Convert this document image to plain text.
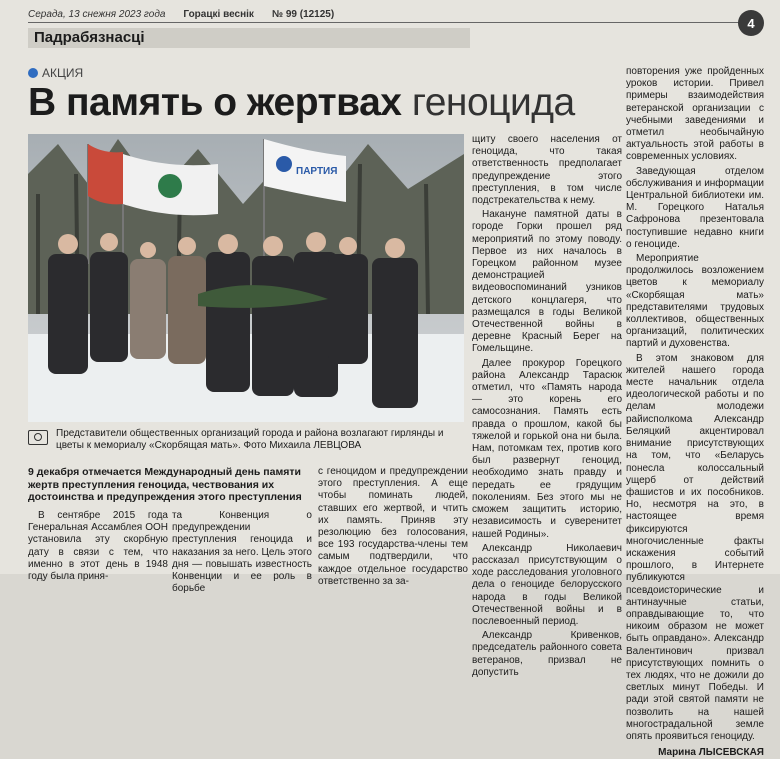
Серада, 13 снежня 2023 года Горацкі веснік № 99 (12125)
4
Падрабязнасці
АКЦИЯ
В память о жертвах геноцида
ПАРТИЯ
Представители общественных организаций города и района возлагают гирлянды и цветы к мемориалу «Скорбящая мать». Фото Михаила ЛЕВЦОВА
9 декабря отмечается Международный день памяти жертв преступления геноцида, чествования их достоинства и предупреждения этого преступления

В сентябре 2015 года Генеральная Ассамблея ООН установила эту скорбную дату в связи с тем, что именно в этот день в 1948 году была приня-

та Конвенция о предупреждении преступления геноцида и наказания за него. Цель этого дня — повышать известность Конвенции и ее роль в борьбе

с геноцидом и предупреждении этого преступления. А еще чтобы поминать людей, ставших его жертвой, и чтить их память. Приняв эту резолюцию без голосования, все 193 государства-члены тем самым подтвердили, что каждое отдельное государство ответственно за за-

щиту своего населения от геноцида, что такая ответственность предполагает предупреждение этого преступления, в том числе подстрекательства к нему.

Накануне памятной даты в городе Горки прошел ряд мероприятий по этому поводу. Первое из них началось в Горецком районном музее демонстрацией видеовоспоминаний узников детского концлагеря, что размещался в годы Великой Отечественной войны в деревне Красный Берег на Гомельщине.

Далее прокурор Горецкого района Александр Тарасюк отметил, что «Память народа — это корень его самосознания. Память есть правда о прошлом, какой бы тяжелой и горькой она ни была. Нам, потомкам тех, против кого был развернут геноцид, необходимо знать правду и передать ее грядущим поколениям. Без этого мы не сможем защитить историю, независимость и суверенитет нашей Родины».

Александр Николаевич рассказал присутствующим о ходе расследования уголовного дела о геноциде белорусского народа в годы Великой Отечественной войны и в послевоенный период.

Александр Кривенков, председатель районного совета ветеранов, призвал не допустить

повторения уже пройденных уроков истории. Привел примеры взаимодействия ветеранской организации с учебными заведениями и отметил необычайную актуальность этой работы в современных условиях.

Заведующая отделом обслуживания и информации Центральной библиотеки им. М. Горецкого Наталья Сафронова презентовала поступившие недавно книги о геноциде.

Мероприятие продолжилось возложением цветов к мемориалу «Скорбящая мать» представителями трудовых коллективов, общественных организаций, политических партий и духовенства.

В этом знаковом для жителей нашего города месте начальник отдела идеологической работы и по делам молодежи райисполкома Александр Беляцкий акцентировал внимание присутствующих на том, что «Беларусь понесла колоссальный ущерб от действий фашистов и их пособников. Но, несмотря на это, в настоящее время фиксируются многочисленные факты искажения событий прошлого, в Интернете публикуются псевдоисторические и антинаучные статьи, оправдывающие то, что никоим образом не может быть оправдано». Александр Валентинович призвал присутствующих помнить о тех людях, что не дожили до светлых минут Победы. И ради этой святой памяти не позволить на нашей многострадальной земле опять проявиться геноциду.

Марина ЛЫСЕВСКАЯ
